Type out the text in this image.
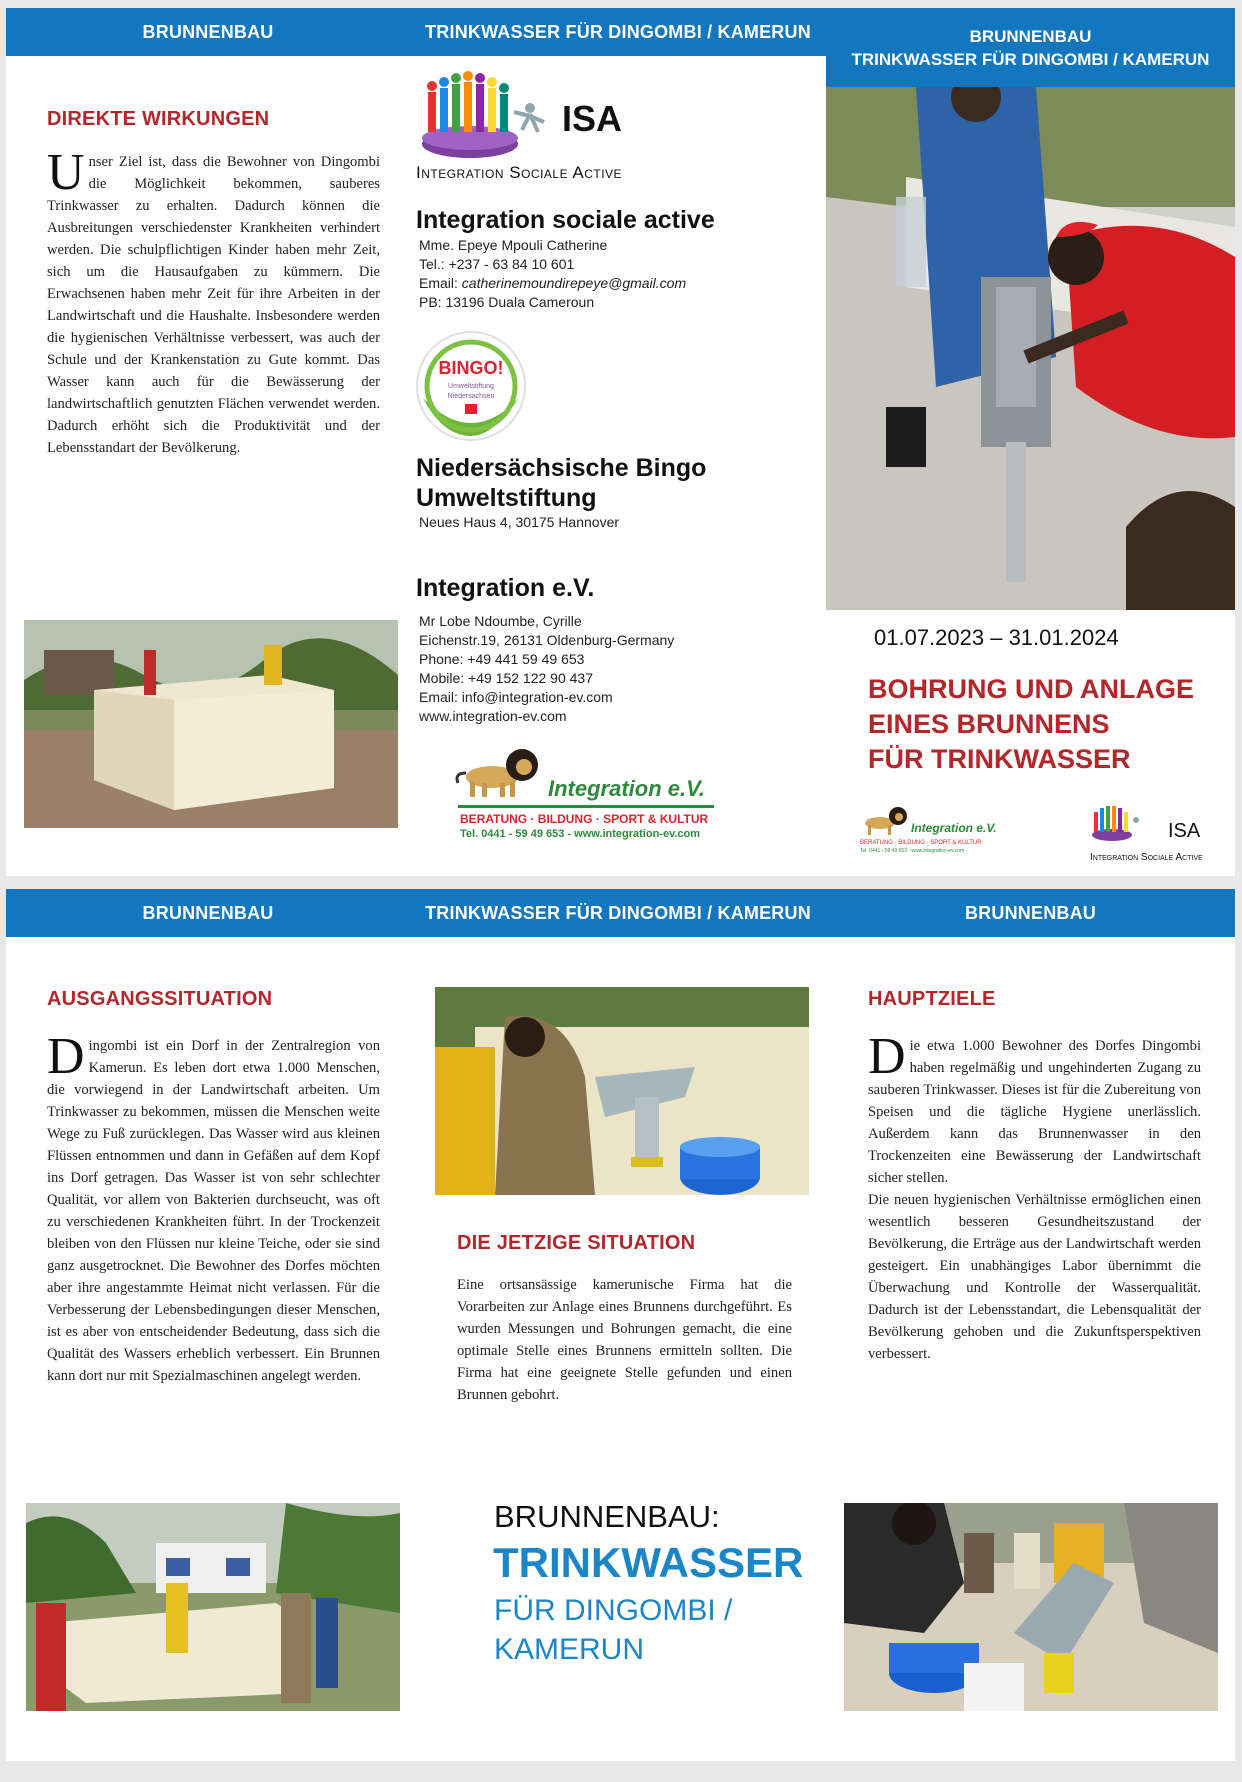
BRUNNENBAU	TRINKWASSER FÜR DINGOMBI / KAMERUN	BRUNNENBAU
TRINKWASSER FÜR DINGOMBI / KAMERUN
DIREKTE WIRKUNGEN
Unser Ziel ist, dass die Bewohner von Dingombi die Möglichkeit bekommen, sauberes Trinkwasser zu erhalten. Dadurch können die Ausbreitungen verschiedenster Krankheiten verhindert werden. Die schulpflichtigen Kinder haben mehr Zeit, sich um die Hausaufgaben zu kümmern. Die Erwachsenen haben mehr Zeit für ihre Arbeiten in der Landwirtschaft und die Haushalte. Insbesondere werden die hygienischen Verhältnisse verbessert, was auch der Schule und der Krankenstation zu Gute kommt. Das Wasser kann auch für die Bewässerung der landwirtschaftlich genutzten Flächen verwendet werden. Dadurch erhöht sich die Produktivität und der Lebensstandart der Bevölkerung.
ISA
Integration Sociale Active
Integration sociale active
Mme. Epeye Mpouli Catherine
Tel.: +237 - 63 84 10 601
Email: catherinemoundirepeye@gmail.com
PB: 13196 Duala Cameroun
BINGO!
Umweltstiftung
Niedersachsen
Niedersächsische Bingo
Umweltstiftung
Neues Haus 4, 30175 Hannover
Integration e.V.
Mr Lobe Ndoumbe, Cyrille
Eichenstr.19, 26131 Oldenburg-Germany
Phone: +49 441 59 49 653
Mobile: +49 152 122 90 437
Email: info@integration-ev.com
www.integration-ev.com
Integration e.V.
BERATUNG · BILDUNG · SPORT & KULTUR
Tel. 0441 - 59 49 653 - www.integration-ev.com
01.07.2023 – 31.01.2024
BOHRUNG UND ANLAGE
EINES BRUNNENS
FÜR TRINKWASSER
Integration e.V.
BERATUNG · BILDUNG · SPORT & KULTUR
Tel. 0441 - 59 49 653 - www.integration-ev.com
ISA
Integration Sociale Active
BRUNNENBAU	TRINKWASSER FÜR DINGOMBI / KAMERUN	BRUNNENBAU
AUSGANGSSITUATION
Dingombi ist ein Dorf in der Zentralregion von Kamerun. Es leben dort etwa 1.000 Menschen, die vorwiegend in der Landwirtschaft arbeiten. Um Trinkwasser zu bekommen, müssen die Menschen weite Wege zu Fuß zurücklegen. Das Wasser wird aus kleinen Flüssen entnommen und dann in Gefäßen auf dem Kopf ins Dorf getragen. Das Wasser ist von sehr schlechter Qualität, vor allem von Bakterien durchseucht, was oft zu verschiedenen Krankheiten führt. In der Trockenzeit bleiben von den Flüssen nur kleine Teiche, oder sie sind ganz ausgetrocknet. Die Bewohner des Dorfes möchten aber ihre angestammte Heimat nicht verlassen. Für die Verbesserung der Lebensbedingungen dieser Menschen, ist es aber von entscheidender Bedeutung, dass sich die Qualität des Wassers erheblich verbessert. Ein Brunnen kann dort nur mit Spezialmaschinen angelegt werden.
DIE JETZIGE SITUATION
Eine ortsansässige kamerunische Firma hat die Vorarbeiten zur Anlage eines Brunnens durchgeführt. Es wurden Messungen und Bohrungen gemacht, die eine optimale Stelle eines Brunnens ermitteln sollten. Die Firma hat eine geeignete Stelle gefunden und einen Brunnen gebohrt.
BRUNNENBAU:
TRINKWASSER
FÜR DINGOMBI /
KAMERUN
HAUPTZIELE
Die etwa 1.000 Bewohner des Dorfes Dingombi haben regelmäßig und ungehinderten Zugang zu sauberen Trinkwasser. Dieses ist für die Zubereitung von Speisen und die tägliche Hygiene unerlässlich. Außerdem kann das Brunnenwasser in den Trockenzeiten eine Bewässerung der Landwirtschaft sicher stellen.
Die neuen hygienischen Verhältnisse ermöglichen einen wesentlich besseren Gesundheitszustand der Bevölkerung, die Erträge aus der Landwirtschaft werden gesteigert. Ein unabhängiges Labor übernimmt die Überwachung und Kontrolle der Wasserqualität. Dadurch ist der Lebensstandart, die Lebensqualität der Bevölkerung gehoben und die Zukunftsperspektiven verbessert.
